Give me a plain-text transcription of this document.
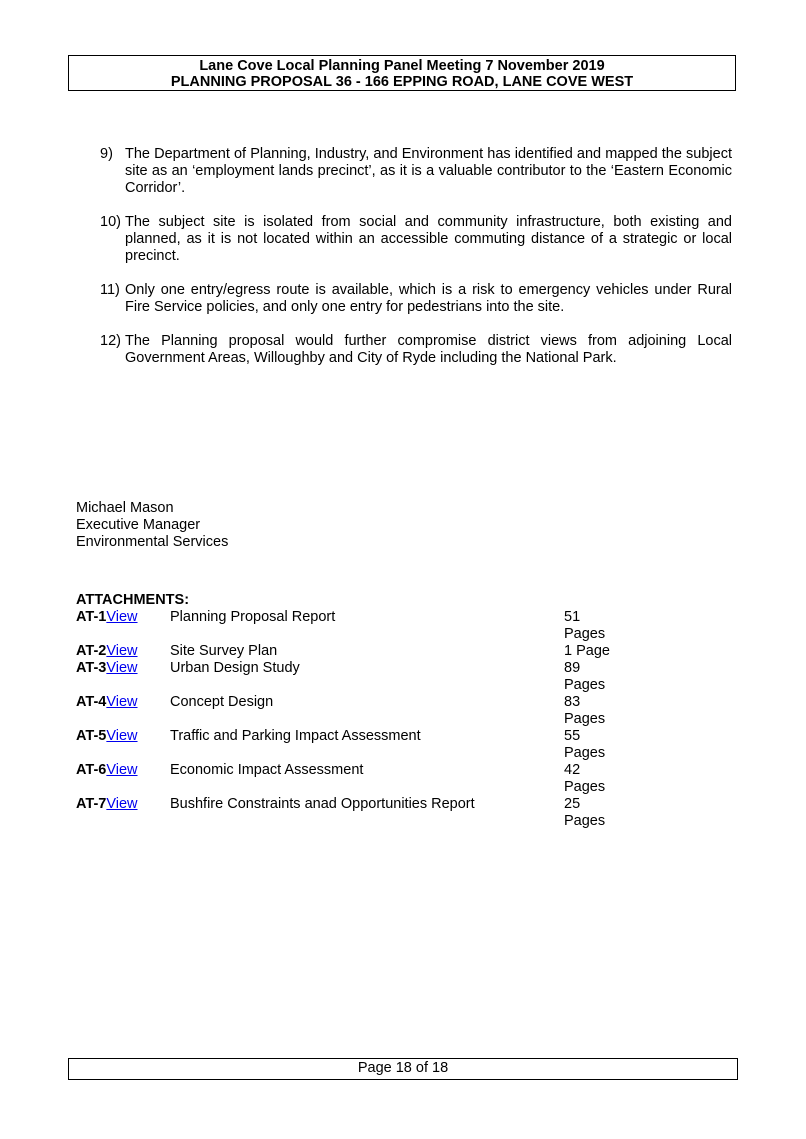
Lane Cove Local Planning Panel Meeting 7 November 2019
PLANNING PROPOSAL 36 - 166 EPPING ROAD, LANE COVE WEST
9) The Department of Planning, Industry, and Environment has identified and mapped the subject site as an ‘employment lands precinct’, as it is a valuable contributor to the ‘Eastern Economic Corridor’.
10) The subject site is isolated from social and community infrastructure, both existing and planned, as it is not located within an accessible commuting distance of a strategic or local precinct.
11) Only one entry/egress route is available, which is a risk to emergency vehicles under Rural Fire Service policies, and only one entry for pedestrians into the site.
12) The Planning proposal would further compromise district views from adjoining Local Government Areas, Willoughby and City of Ryde including the National Park.
Michael Mason
Executive Manager
Environmental Services
ATTACHMENTS:
AT-1View	Planning Proposal Report	51
Pages
AT-2View	Site Survey Plan	1 Page
AT-3View	Urban Design Study	89
Pages
AT-4View	Concept Design	83
Pages
AT-5View	Traffic and Parking Impact Assessment	55
Pages
AT-6View	Economic Impact Assessment	42
Pages
AT-7View	Bushfire Constraints anad Opportunities Report	25
Pages
Page 18 of 18
